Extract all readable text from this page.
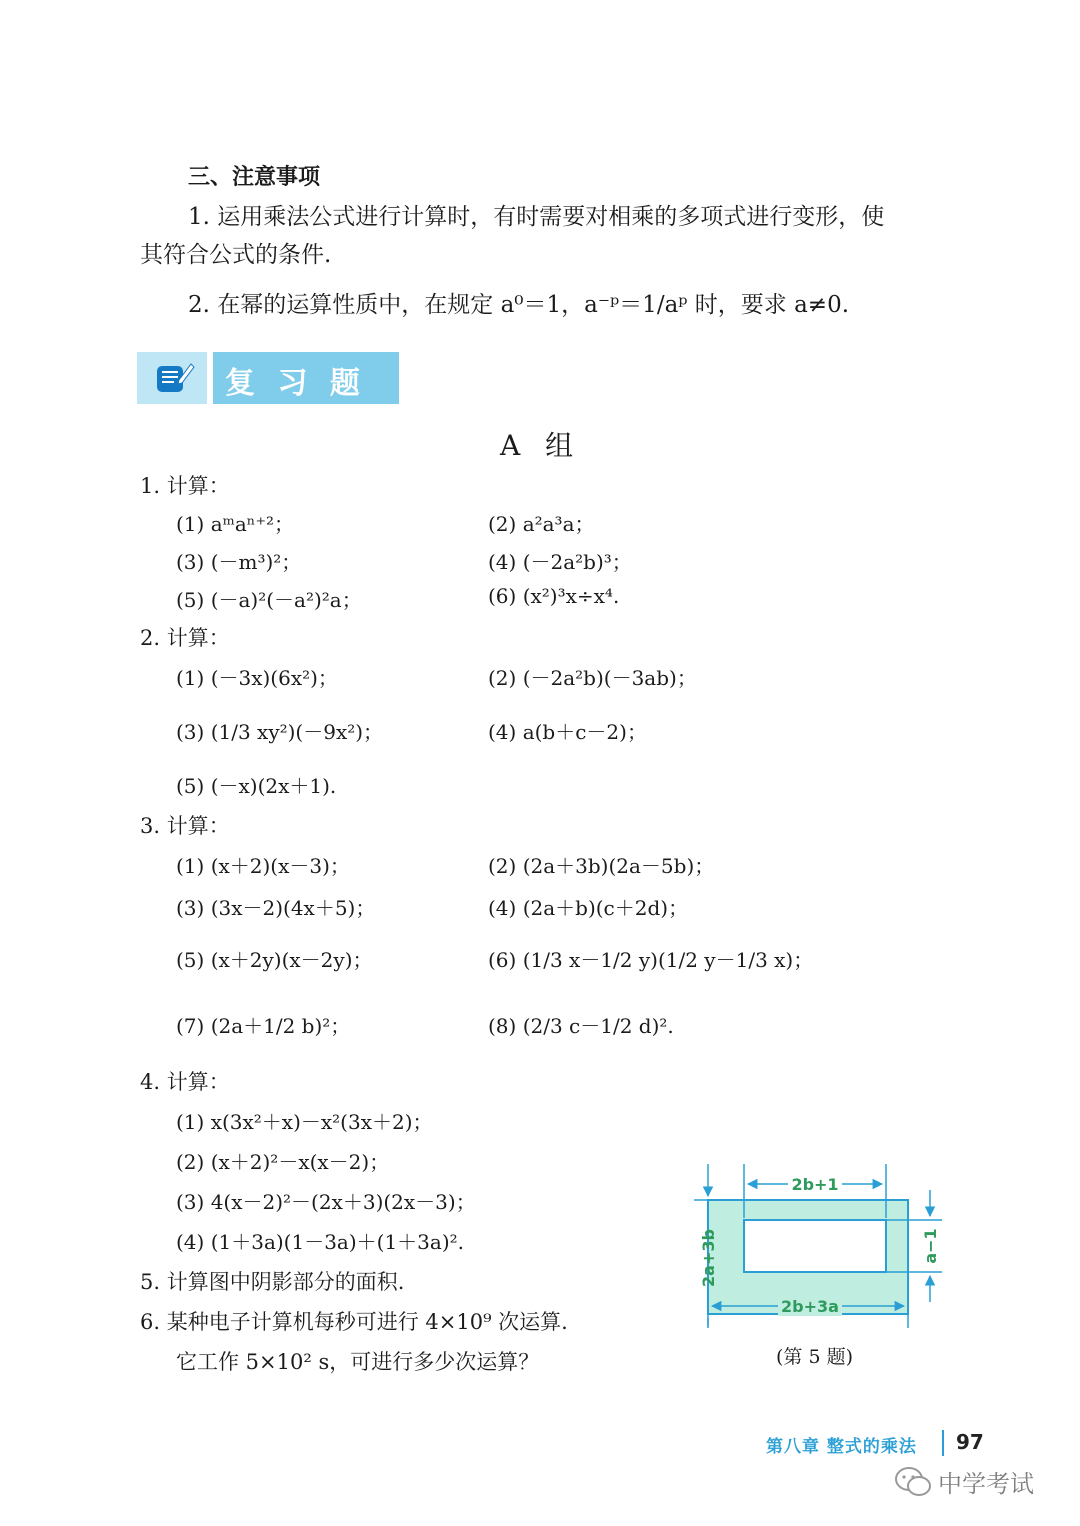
三、注意事项
1. 运用乘法公式进行计算时，有时需要对相乘的多项式进行变形，使
其符合公式的条件.
2. 在幂的运算性质中，在规定 a⁰＝1，a⁻ᵖ＝1/aᵖ 时，要求 a≠0.
复 习 题
A 组
1. 计算：
(1) aᵐaⁿ⁺²；	(2) a²a³a；
(3) (－m³)²；	(4) (－2a²b)³；
(5) (－a)²(－a²)²a；	(6) (x²)³x÷x⁴.
2. 计算：
(1) (－3x)(6x²)；	(2) (－2a²b)(－3ab)；
(3) (1/3 xy²)(－9x²)；	(4) a(b＋c－2)；
(5) (－x)(2x＋1).
3. 计算：
(1) (x＋2)(x－3)；	(2) (2a＋3b)(2a－5b)；
(3) (3x－2)(4x＋5)；	(4) (2a＋b)(c＋2d)；
(5) (x＋2y)(x－2y)；	(6) (1/3 x－1/2 y)(1/2 y－1/3 x)；
(7) (2a＋1/2 b)²；	(8) (2/3 c－1/2 d)².
4. 计算：
(1) x(3x²＋x)－x²(3x＋2)；
(2) (x＋2)²－x(x－2)；
(3) 4(x－2)²－(2x＋3)(2x－3)；
(4) (1＋3a)(1－3a)＋(1＋3a)².
5. 计算图中阴影部分的面积.
6. 某种电子计算机每秒可进行 4×10⁹ 次运算.
它工作 5×10² s，可进行多少次运算？
2b+1
2b+3a
2a+3b	a−1
(第 5 题)
第八章 整式的乘法 97
中学考试
